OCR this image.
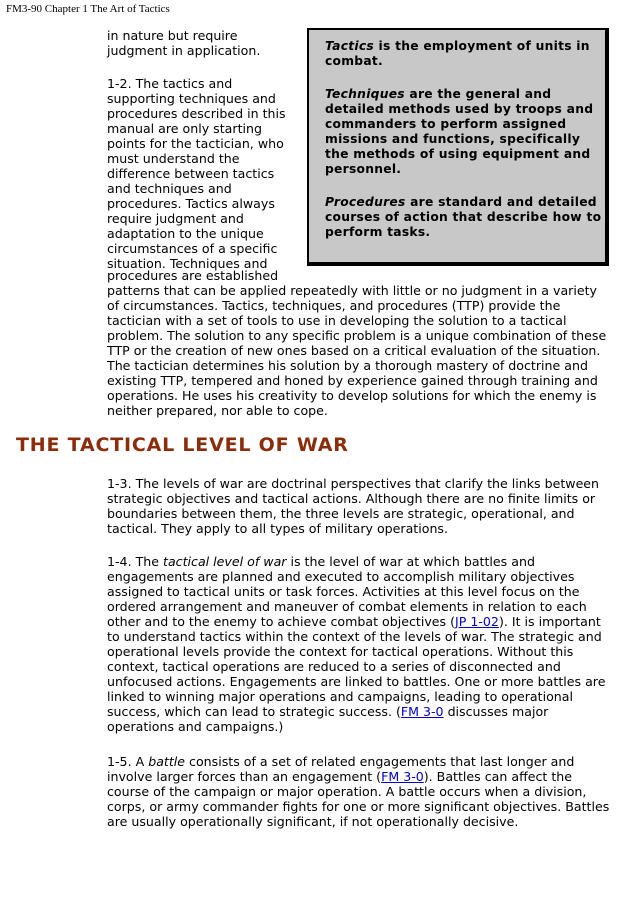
FM3-90 Chapter 1 The Art of Tactics
Tactics is the employment of units in
combat.
Techniques are the general and
detailed methods used by troops and
commanders to perform assigned
missions and functions, specifically
the methods of using equipment and
personnel.
Procedures are standard and detailed
courses of action that describe how to
perform tasks.
in nature but require
judgment in application.
1-2. The tactics and
supporting techniques and
procedures described in this
manual are only starting
points for the tactician, who
must understand the
difference between tactics
and techniques and
procedures. Tactics always
require judgment and
adaptation to the unique
circumstances of a specific
situation. Techniques and
procedures are established
patterns that can be applied repeatedly with little or no judgment in a variety
of circumstances. Tactics, techniques, and procedures (TTP) provide the
tactician with a set of tools to use in developing the solution to a tactical
problem. The solution to any specific problem is a unique combination of these
TTP or the creation of new ones based on a critical evaluation of the situation.
The tactician determines his solution by a thorough mastery of doctrine and
existing TTP, tempered and honed by experience gained through training and
operations. He uses his creativity to develop solutions for which the enemy is
neither prepared, nor able to cope.
THE TACTICAL LEVEL OF WAR
1-3. The levels of war are doctrinal perspectives that clarify the links between
strategic objectives and tactical actions. Although there are no finite limits or
boundaries between them, the three levels are strategic, operational, and
tactical. They apply to all types of military operations.
1-4. The tactical level of war is the level of war at which battles and
engagements are planned and executed to accomplish military objectives
assigned to tactical units or task forces. Activities at this level focus on the
ordered arrangement and maneuver of combat elements in relation to each
other and to the enemy to achieve combat objectives (JP 1-02). It is important
to understand tactics within the context of the levels of war. The strategic and
operational levels provide the context for tactical operations. Without this
context, tactical operations are reduced to a series of disconnected and
unfocused actions. Engagements are linked to battles. One or more battles are
linked to winning major operations and campaigns, leading to operational
success, which can lead to strategic success. (FM 3-0 discusses major
operations and campaigns.)
1-5. A battle consists of a set of related engagements that last longer and
involve larger forces than an engagement (FM 3-0). Battles can affect the
course of the campaign or major operation. A battle occurs when a division,
corps, or army commander fights for one or more significant objectives. Battles
are usually operationally significant, if not operationally decisive.
